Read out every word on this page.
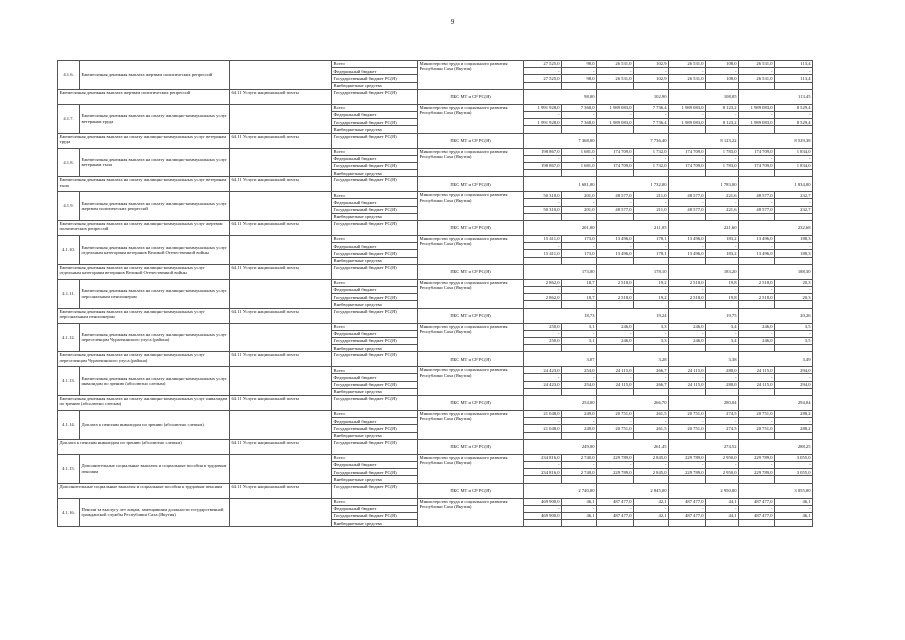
9
4.1.6.	Ежемесячная денежная выплата жертвам политических репрессий		Всего	Министерство труда и социального развития Республики Саха (Якутия)	27 525,0	98,0	26 531,0	102,9	26 531,0	108,0	26 531,0	113,4
			Федеральный бюджет		-	-	-	-	-	-	-	-
			Государственный бюджет РС(Я)		27 525,0	98,0	26 531,0	102,9	26 531,0	108,0	26 531,0	113,4
			Внебюджетные средства									
Ежемесячная денежная выплата жертвам политических репрессий		64.11 Услуги национальной почты	Государственный бюджет РС(Я)	ПБС МТ и СР РС(Я)	98,00		102,90		108,05		113,45	
4.1.7.	Ежемесячная денежная выплата на оплату жилищно-коммунальных услуг ветеранам труда		Всего	Министерство труда и социального развития Республики Саха (Якутия)	1 991 928,0	7 368,0	1 989 083,0	7 736,4	1 989 083,0	8 123,2	1 989 083,0	8 529,4
			Федеральный бюджет		-	-	-	-	-	-	-	-
			Государственный бюджет РС(Я)		1 991 928,0	7 368,0	1 989 083,0	7 736,4	1 989 083,0	8 123,2	1 989 083,0	8 529,4
			Внебюджетные средства									
Ежемесячная денежная выплата на оплату жилищно-коммунальных услуг ветеранам труда		64.11 Услуги национальной почты	Государственный бюджет РС(Я)	ПБС МТ и СР РС(Я)	7 368,00		7 736,40		8 123,22		8 529,38	
4.1.8.	Ежемесячная денежная выплата на оплату жилищно-коммунальных услуг ветеранам тыла		Всего	Министерство труда и социального развития Республики Саха (Якутия)	198 867,0	1 681,0	174 709,0	1 732,0	174 709,0	1 783,0	174 709,0	1 834,0
			Федеральный бюджет		-	-	-	-	-	-	-	-
			Государственный бюджет РС(Я)		198 867,0	1 681,0	174 709,0	1 732,0	174 709,0	1 783,0	174 709,0	1 834,0
			Внебюджетные средства									
Ежемесячная денежная выплата на оплату жилищно-коммунальных услуг ветеранам тыла		64.11 Услуги национальной почты	Государственный бюджет РС(Я)	ПБС МТ и СР РС(Я)	1 681,00		1 732,00		1 783,00		1 834,00	
4.1.9.	Ежемесячная денежная выплата на оплату жилищно-коммунальных услуг жертвам политических репрессий		Всего	Министерство труда и социального развития Республики Саха (Якутия)	50 310,0	201,0	48 577,0	211,0	48 577,0	221,6	48 577,0	232,7
			Федеральный бюджет		-	-	-	-	-	-	-	-
			Государственный бюджет РС(Я)		50 310,0	201,0	48 577,0	211,0	48 577,0	221,6	48 577,0	232,7
			Внебюджетные средства									
Ежемесячная денежная выплата на оплату жилищно-коммунальных услуг жертвам политических репрессий		64.11 Услуги национальной почты	Государственный бюджет РС(Я)	ПБС МТ и СР РС(Я)	201,00		211,05		221,60		232,68	
4.1.10.	Ежемесячная денежная выплата на оплату жилищно-коммунальных услуг отдельным категориям ветеранов Великой Отечественной войны		Всего	Министерство труда и социального развития Республики Саха (Якутия)	15 411,0	173,0	13 496,0	178,1	13 496,0	183,2	13 496,0	188,3
			Федеральный бюджет		-	-	-	-	-	-	-	-
			Государственный бюджет РС(Я)		15 411,0	173,0	13 496,0	178,1	13 496,0	183,2	13 496,0	188,3
			Внебюджетные средства									
Ежемесячная денежная выплата на оплату жилищно-коммунальных услуг отдельным категориям ветеранов Великой Отечественной войны		64.11 Услуги национальной почты	Государственный бюджет РС(Я)	ПБС МТ и СР РС(Я)	173,00		178,10		183,20		188,30	
4.1.11.	Ежемесячная денежная выплата на оплату жилищно-коммунальных услуг персональным пенсионерам		Всего	Министерство труда и социального развития Республики Саха (Якутия)	2 862,0	18,7	2 518,0	19,2	2 518,0	19,8	2 518,0	20,3
			Федеральный бюджет		-	-	-	-	-	-	-	-
			Государственный бюджет РС(Я)		2 862,0	18,7	2 518,0	19,2	2 518,0	19,8	2 518,0	20,3
			Внебюджетные средства									
Ежемесячная денежная выплата на оплату жилищно-коммунальных услуг персональным пенсионерам		64.11 Услуги национальной почты	Государственный бюджет РС(Я)	ПБС МТ и СР РС(Я)	18,73		19,24		19,75		20,26	
4.1.12.	Ежемесячная денежная выплата на оплату жилищно-коммунальных услуг переселенцам Чурапчинского улуса (района)		Всего	Министерство труда и социального развития Республики Саха (Якутия)	250,0	3,1	246,0	3,3	246,0	3,4	246,0	3,5
			Федеральный бюджет		-	-	-	-	-	-	-	-
			Государственный бюджет РС(Я)		250,0	3,1	246,0	3,3	246,0	3,4	246,0	3,5
			Внебюджетные средства									
Ежемесячная денежная выплата на оплату жилищно-коммунальных услуг переселенцам Чурапчинского улуса (района)		64.11 Услуги национальной почты	Государственный бюджет РС(Я)	ПБС МТ и СР РС(Я)	3,07		3,28		3,38		3,49	
4.1.13.	Ежемесячная денежная выплата на оплату жилищно-коммунальных услуг инвалидам по зрению (абсолютно слепым)		Всего	Министерство труда и социального развития Республики Саха (Якутия)	24 423,0	254,0	24 115,0	266,7	24 115,0	280,0	24 115,0	294,0
			Федеральный бюджет		-	-	-	-	-	-	-	-
			Государственный бюджет РС(Я)		24 423,0	254,0	24 115,0	266,7	24 115,0	280,0	24 115,0	294,0
			Внебюджетные средства									
Ежемесячная денежная выплата на оплату жилищно-коммунальных услуг инвалидам по зрению (абсолютно слепым)		64.11 Услуги национальной почты	Государственный бюджет РС(Я)	ПБС МТ и СР РС(Я)	254,00		266,70		280,04		294,04	
4.1.14.	Доплата к пенсиям инвалидам по зрению (абсолютно слепым)		Всего	Министерство труда и социального развития Республики Саха (Якутия)	21 048,0	249,0	20 751,0	261,5	20 751,0	274,5	20 751,0	288,2
			Федеральный бюджет		-	-	-	-	-	-	-	-
			Государственный бюджет РС(Я)		21 048,0	249,0	20 751,0	261,5	20 751,0	274,5	20 751,0	288,2
			Внебюджетные средства									
Доплата к пенсиям инвалидам по зрению (абсолютно слепым)		64.11 Услуги национальной почты	Государственный бюджет РС(Я)	ПБС МТ и СР РС(Я)	249,00		261,45		274,52		288,25	
4.1.15.	Дополнительные социальные выплаты и социальные пособия к трудовым пенсиям		Всего	Министерство труда и социального развития Республики Саха (Якутия)	234 816,0	2 740,0	229 789,0	2 845,0	229 789,0	2 950,0	229 789,0	3 055,0
			Федеральный бюджет		-	-	-	-	-	-	-	-
			Государственный бюджет РС(Я)		234 816,0	2 740,0	229 789,0	2 845,0	229 789,0	2 950,0	229 789,0	3 055,0
			Внебюджетные средства									
Дополнительные социальные выплаты и социальные пособия к трудовым пенсиям		64.11 Услуги национальной почты	Государственный бюджет РС(Я)	ПБС МТ и СР РС(Я)	2 740,00		2 845,00		2 950,00		3 055,00	
4.1.16.	Пенсии за выслугу лет лицам, замещавшим должности государственной гражданской службы Республики Саха (Якутия)		Всего	Министерство труда и социального развития Республики Саха (Якутия)	469 900,0	46,1	487 477,0	42,1	487 477,0	44,1	487 477,0	46,1
			Федеральный бюджет		-	-	-	-	-	-	-	-
			Государственный бюджет РС(Я)		469 900,0	46,1	487 477,0	42,1	487 477,0	44,1	487 477,0	46,1
			Внебюджетные средства									
